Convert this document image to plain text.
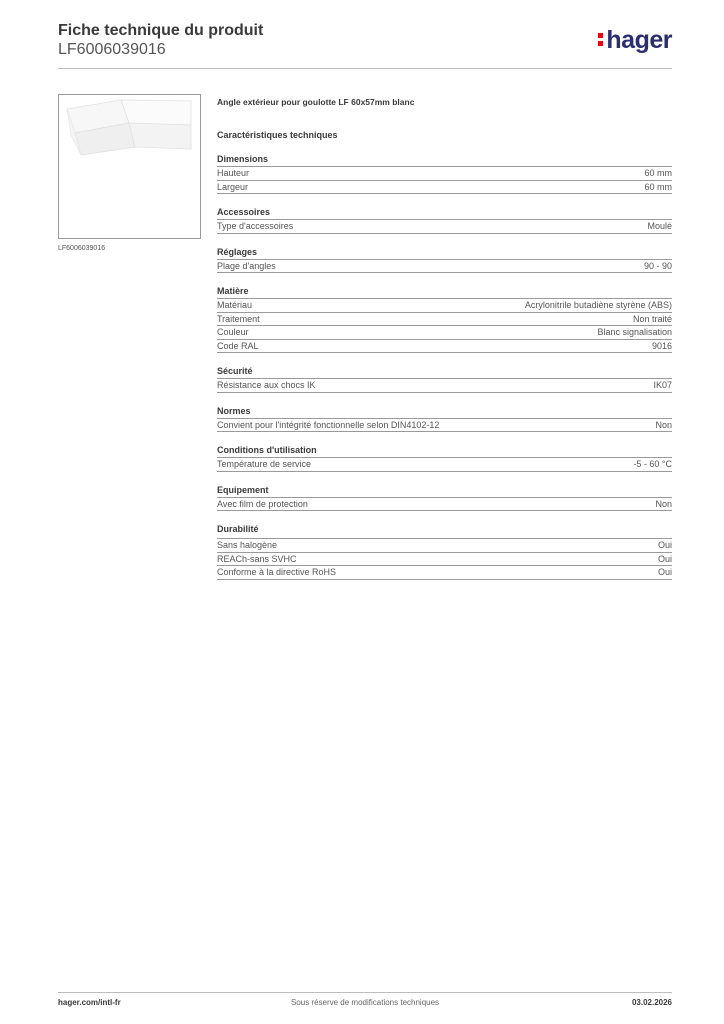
Fiche technique du produit
LF6006039016	hager
LF6006039016
Angle extérieur pour goulotte LF 60x57mm blanc
Caractéristiques techniques
Dimensions
Hauteur	60 mm
Largeur	60 mm
Accessoires
Type d'accessoires	Moulé
Réglages
Plage d'angles	90 - 90
Matière
Matériau	Acrylonitrile butadiène styrène (ABS)
Traitement	Non traité
Couleur	Blanc signalisation
Code RAL	9016
Sécurité
Résistance aux chocs IK	IK07
Normes
Convient pour l'intégrité fonctionnelle selon DIN4102-12	Non
Conditions d'utilisation
Température de service	-5 - 60 °C
Equipement
Avec film de protection	Non
Durabilité
Sans halogène	Oui
REACh-sans SVHC	Oui
Conforme à la directive RoHS	Oui
hager.com/intl-fr	Sous réserve de modifications techniques	03.02.2026
